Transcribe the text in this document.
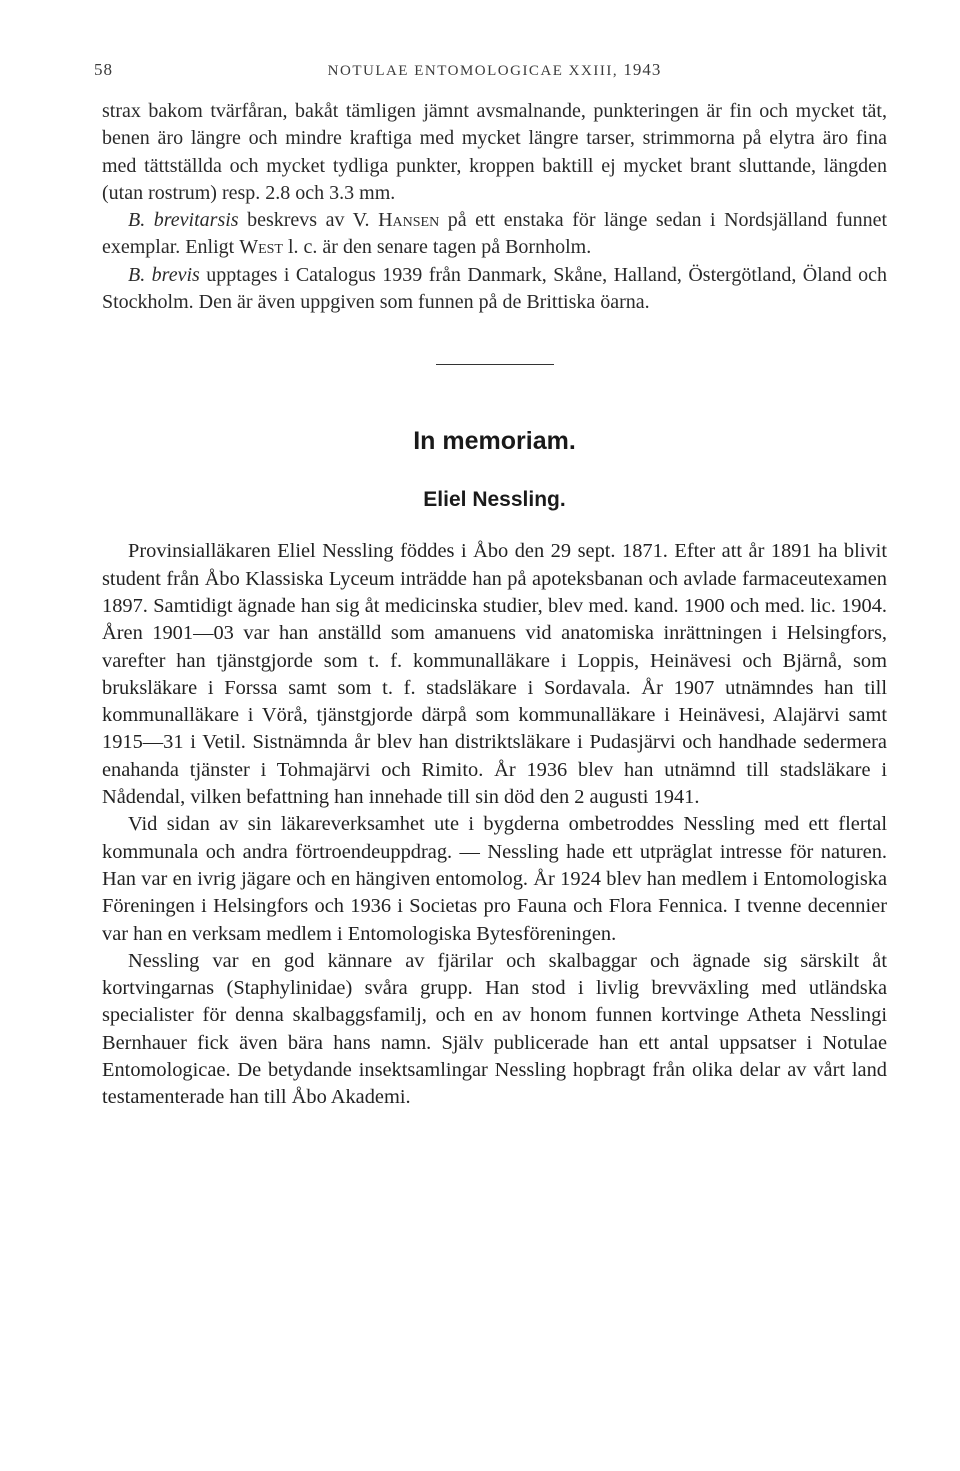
58	NOTULAE ENTOMOLOGICAE XXIII, 1943

strax bakom tvärfåran, bakåt tämligen jämnt avsmalnande, punkteringen är fin och mycket tät, benen äro längre och mindre kraftiga med mycket längre tarser, strimmorna på elytra äro fina med tättställda och mycket tydliga punkter, kroppen baktill ej mycket brant sluttande, längden (utan rostrum) resp. 2.8 och 3.3 mm.

B. brevitarsis beskrevs av V. Hansen på ett enstaka för länge sedan i Nordsjälland funnet exemplar. Enligt West l. c. är den senare tagen på Bornholm.

B. brevis upptages i Catalogus 1939 från Danmark, Skåne, Halland, Östergötland, Öland och Stockholm. Den är även uppgiven som funnen på de Brittiska öarna.

In memoriam.
Eliel Nessling.

Provinsialläkaren Eliel Nessling föddes i Åbo den 29 sept. 1871. Efter att år 1891 ha blivit student från Åbo Klassiska Lyceum inträdde han på apoteksbanan och avlade farmaceutexamen 1897. Samtidigt ägnade han sig åt medicinska studier, blev med. kand. 1900 och med. lic. 1904. Åren 1901—03 var han anställd som amanuens vid anatomiska inrättningen i Helsingfors, varefter han tjänstgjorde som t. f. kommunalläkare i Loppis, Heinävesi och Bjärnå, som bruksläkare i Forssa samt som t. f. stadsläkare i Sordavala. År 1907 utnämndes han till kommunalläkare i Vörå, tjänstgjorde därpå som kommunalläkare i Heinävesi, Alajärvi samt 1915—31 i Vetil. Sistnämnda år blev han distriktsläkare i Pudasjärvi och handhade sedermera enahanda tjänster i Tohmajärvi och Rimito. År 1936 blev han utnämnd till stadsläkare i Nådendal, vilken befattning han innehade till sin död den 2 augusti 1941.

Vid sidan av sin läkareverksamhet ute i bygderna ombetroddes Nessling med ett flertal kommunala och andra förtroendeuppdrag. — Nessling hade ett utpräglat intresse för naturen. Han var en ivrig jägare och en hängiven entomolog. År 1924 blev han medlem i Entomologiska Föreningen i Helsingfors och 1936 i Societas pro Fauna och Flora Fennica. I tvenne decennier var han en verksam medlem i Entomologiska Bytesföreningen.

Nessling var en god kännare av fjärilar och skalbaggar och ägnade sig särskilt åt kortvingarnas (Staphylinidae) svåra grupp. Han stod i livlig brevväxling med utländska specialister för denna skalbaggsfamilj, och en av honom funnen kortvinge Atheta Nesslingi Bernhauer fick även bära hans namn. Själv publicerade han ett antal uppsatser i Notulae Entomologicae. De betydande insektsamlingar Nessling hopbragt från olika delar av vårt land testamenterade han till Åbo Akademi.
